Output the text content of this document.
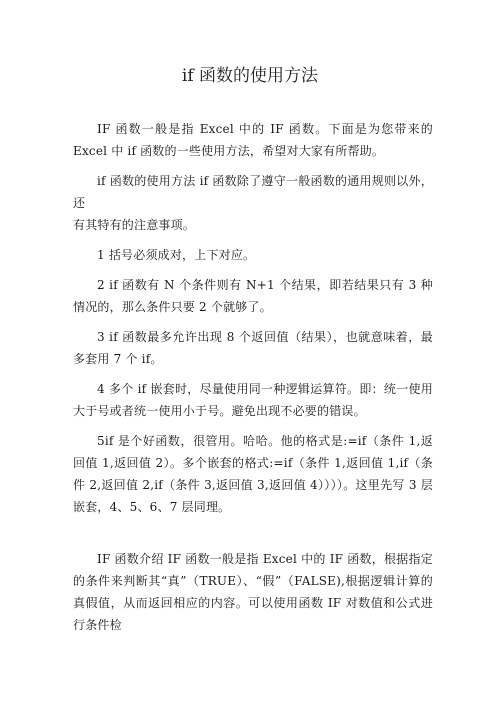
if 函数的使用方法

IF 函数一般是指 Excel 中的 IF 函数。下面是为您带来的 Excel 中 if 函数的一些使用方法，希望对大家有所帮助。

if 函数的使用方法 if 函数除了遵守一般函数的通用规则以外，还
有其特有的注意事项。

1 括号必须成对，上下对应。

2 if 函数有 N 个条件则有 N+1 个结果，即若结果只有 3 种情况的，那么条件只要 2 个就够了。

3 if 函数最多允许出现 8 个返回值（结果），也就意味着，最多套用 7 个 if。

4 多个 if 嵌套时，尽量使用同一种逻辑运算符。即：统一使用大于号或者统一使用小于号。避免出现不必要的错误。

5if 是个好函数，很管用。哈哈。他的格式是:=if（条件 1,返回值 1,返回值 2）。多个嵌套的格式:=if（条件 1,返回值 1,if（条件 2,返回值 2,if（条件 3,返回值 3,返回值 4））））。这里先写 3 层嵌套，4、5、6、7 层同理。

IF 函数介绍 IF 函数一般是指 Excel 中的 IF 函数，根据指定的条件来判断其“真”（TRUE）、“假”（FALSE),根据逻辑计算的真假值，从而返回相应的内容。可以使用函数 IF 对数值和公式进行条件检
